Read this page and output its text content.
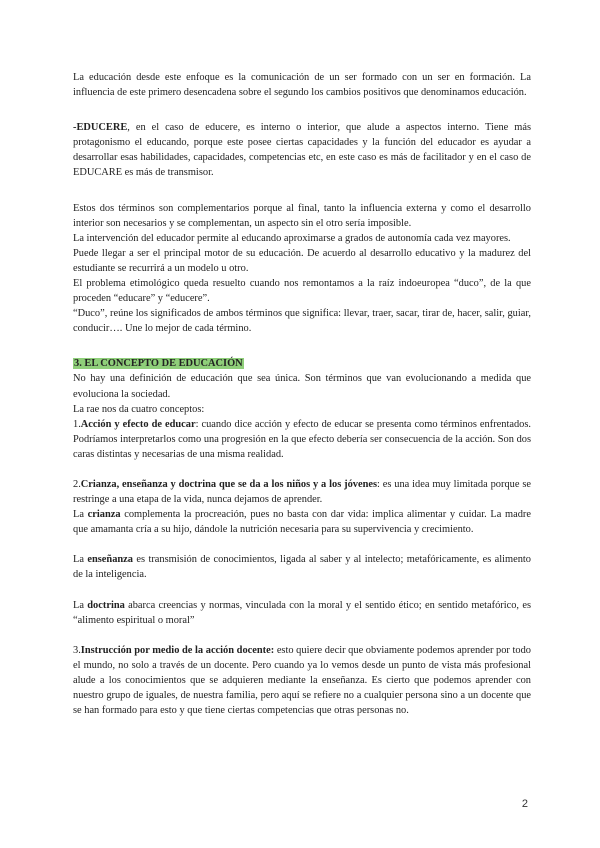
La educación desde este enfoque es la comunicación de un ser formado con un ser en formación. La influencia de este primero desencadena sobre el segundo los cambios positivos que denominamos educación.

-EDUCERE, en el caso de educere, es interno o interior, que alude a aspectos interno. Tiene más protagonismo el educando, porque este posee ciertas capacidades y la función del educador es ayudar a desarrollar esas habilidades, capacidades, competencias etc, en este caso es más de facilitador y en el caso de EDUCARE es más de transmisor.

Estos dos términos son complementarios porque al final, tanto la influencia externa y como el desarrollo interior son necesarios y se complementan, un aspecto sin el otro sería imposible.

La intervención del educador permite al educando aproximarse a grados de autonomía cada vez mayores.

Puede llegar a ser el principal motor de su educación. De acuerdo al desarrollo educativo y la madurez del estudiante se recurrirá a un modelo u otro.

El problema etimológico queda resuelto cuando nos remontamos a la raíz indoeuropea “duco”, de la que proceden “educare” y “educere”.

“Duco”, reúne los significados de ambos términos que significa: llevar, traer, sacar, tirar de, hacer, salir, guiar, conducir…. Une lo mejor de cada término.

3. EL CONCEPTO DE EDUCACIÓN

No hay una definición de educación que sea única. Son términos que van evolucionando a medida que evoluciona la sociedad.

La rae nos da cuatro conceptos:

1.Acción y efecto de educar: cuando dice acción y efecto de educar se presenta como términos enfrentados. Podríamos interpretarlos como una progresión en la que efecto debería ser consecuencia de la acción. Son dos caras distintas y necesarias de una misma realidad.

2.Crianza, enseñanza y doctrina que se da a los niños y a los jóvenes: es una idea muy limitada porque se restringe a una etapa de la vida, nunca dejamos de aprender.

La crianza complementa la procreación, pues no basta con dar vida: implica alimentar y cuidar. La madre que amamanta cría a su hijo, dándole la nutrición necesaria para su supervivencia y crecimiento.

La enseñanza es transmisión de conocimientos, ligada al saber y al intelecto; metafóricamente, es alimento de la inteligencia.

La doctrina abarca creencias y normas, vinculada con la moral y el sentido ético; en sentido metafórico, es “alimento espiritual o moral”

3.Instrucción por medio de la acción docente: esto quiere decir que obviamente podemos aprender por todo el mundo, no solo a través de un docente. Pero cuando ya lo vemos desde un punto de vista más profesional alude a los conocimientos que se adquieren mediante la enseñanza. Es cierto que podemos aprender con nuestro grupo de iguales, de nuestra familia, pero aquí se refiere no a cualquier persona sino a un docente que se han formado para esto y que tiene ciertas competencias que otras personas no.

2
